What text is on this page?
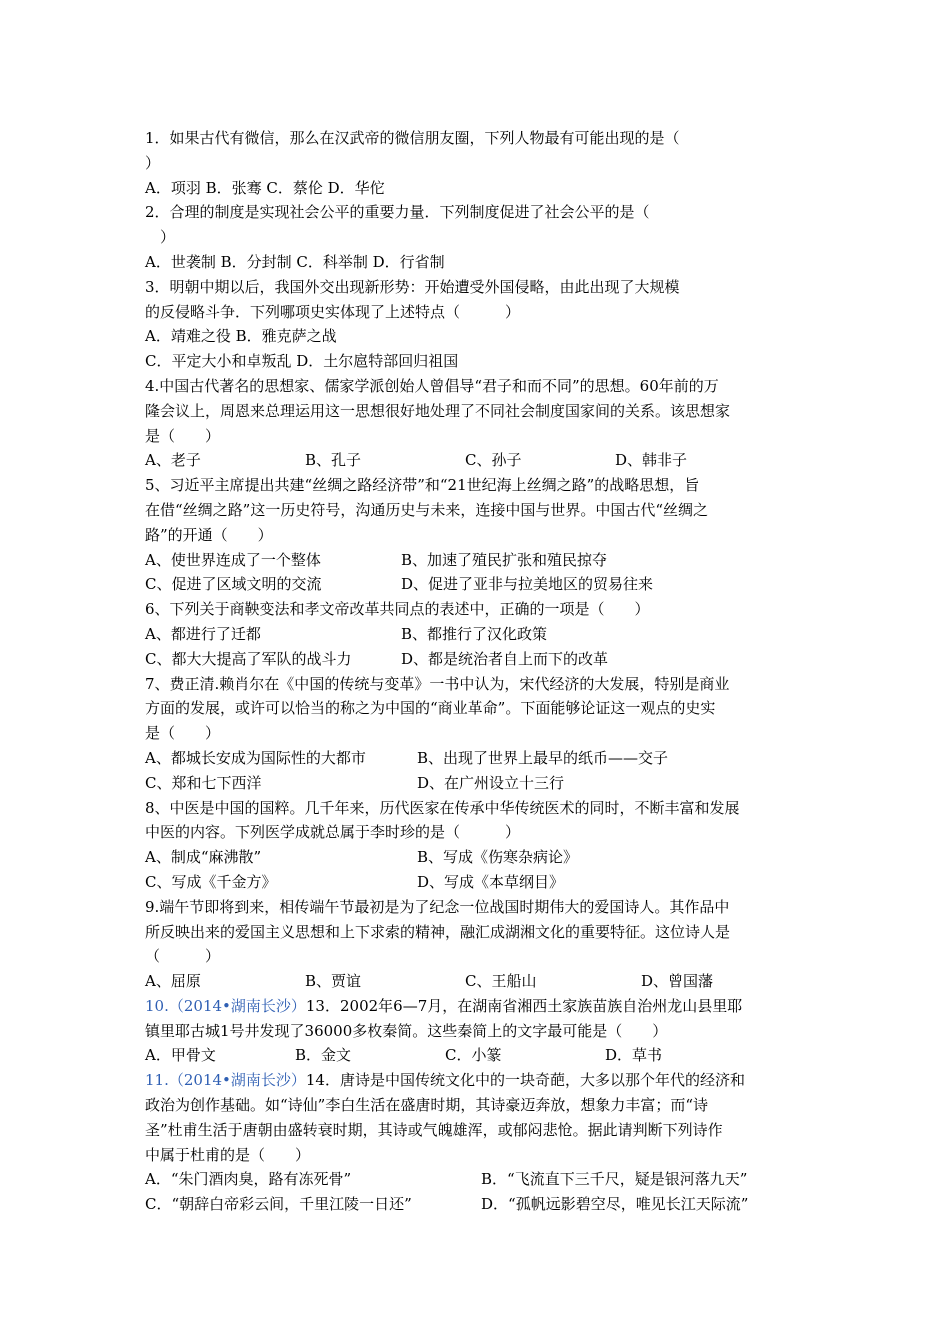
1．如果古代有微信，那么在汉武帝的微信朋友圈，下列人物最有可能出现的是（
）
A．项羽 B．张骞 C．蔡伦 D．华佗
2．合理的制度是实现社会公平的重要力量．下列制度促进了社会公平的是（
　）
A．世袭制 B．分封制 C．科举制 D．行省制
3．明朝中期以后，我国外交出现新形势：开始遭受外国侵略，由此出现了大规模
的反侵略斗争．下列哪项史实体现了上述特点（　　　）
A．靖难之役 B．雅克萨之战
C．平定大小和卓叛乱 D．土尔扈特部回归祖国
4.中国古代著名的思想家、儒家学派创始人曾倡导“君子和而不同”的思想。60年前的万
隆会议上，周恩来总理运用这一思想很好地处理了不同社会制度国家间的关系。该思想家
是（　　）
A、老子	B、孔子	C、孙子	D、韩非子
5、习近平主席提出共建“丝绸之路经济带”和“21世纪海上丝绸之路”的战略思想，旨
在借“丝绸之路”这一历史符号，沟通历史与未来，连接中国与世界。中国古代“丝绸之
路”的开通（　　）
A、使世界连成了一个整体	B、加速了殖民扩张和殖民掠夺
C、促进了区域文明的交流	D、促进了亚非与拉美地区的贸易往来
6、下列关于商鞅变法和孝文帝改革共同点的表述中，正确的一项是（　　）
A、都进行了迁都	B、都推行了汉化政策
C、都大大提高了军队的战斗力	D、都是统治者自上而下的改革
7、费正清.赖肖尔在《中国的传统与变革》一书中认为，宋代经济的大发展，特别是商业
方面的发展，或许可以恰当的称之为中国的“商业革命”。下面能够论证这一观点的史实
是（　　）
A、都城长安成为国际性的大都市	B、出现了世界上最早的纸币——交子
C、郑和七下西洋	D、在广州设立十三行
8、中医是中国的国粹。几千年来，历代医家在传承中华传统医术的同时，不断丰富和发展
中医的内容。下列医学成就总属于李时珍的是（　　　）
A、制成“麻沸散”	B、写成《伤寒杂病论》
C、写成《千金方》	D、写成《本草纲目》
9.端午节即将到来，相传端午节最初是为了纪念一位战国时期伟大的爱国诗人。其作品中
所反映出来的爱国主义思想和上下求索的精神，融汇成湖湘文化的重要特征。这位诗人是
（　　　）
A、屈原	B、贾谊	C、王船山	D、曾国藩
10.（2014•湖南长沙）13．2002年6—7月，在湖南省湘西土家族苗族自治州龙山县里耶
镇里耶古城1号井发现了36000多枚秦简。这些秦简上的文字最可能是（　　）
A．甲骨文	B．金文	C．小篆	D．草书
11.（2014•湖南长沙）14．唐诗是中国传统文化中的一块奇葩，大多以那个年代的经济和
政治为创作基础。如“诗仙”李白生活在盛唐时期，其诗豪迈奔放，想象力丰富；而“诗
圣”杜甫生活于唐朝由盛转衰时期，其诗或气魄雄浑，或郁闷悲怆。据此请判断下列诗作
中属于杜甫的是（　　）
A．“朱门酒肉臭，路有冻死骨”	B．“飞流直下三千尺，疑是银河落九天”
C．“朝辞白帝彩云间，千里江陵一日还”	D．“孤帆远影碧空尽，唯见长江天际流”
